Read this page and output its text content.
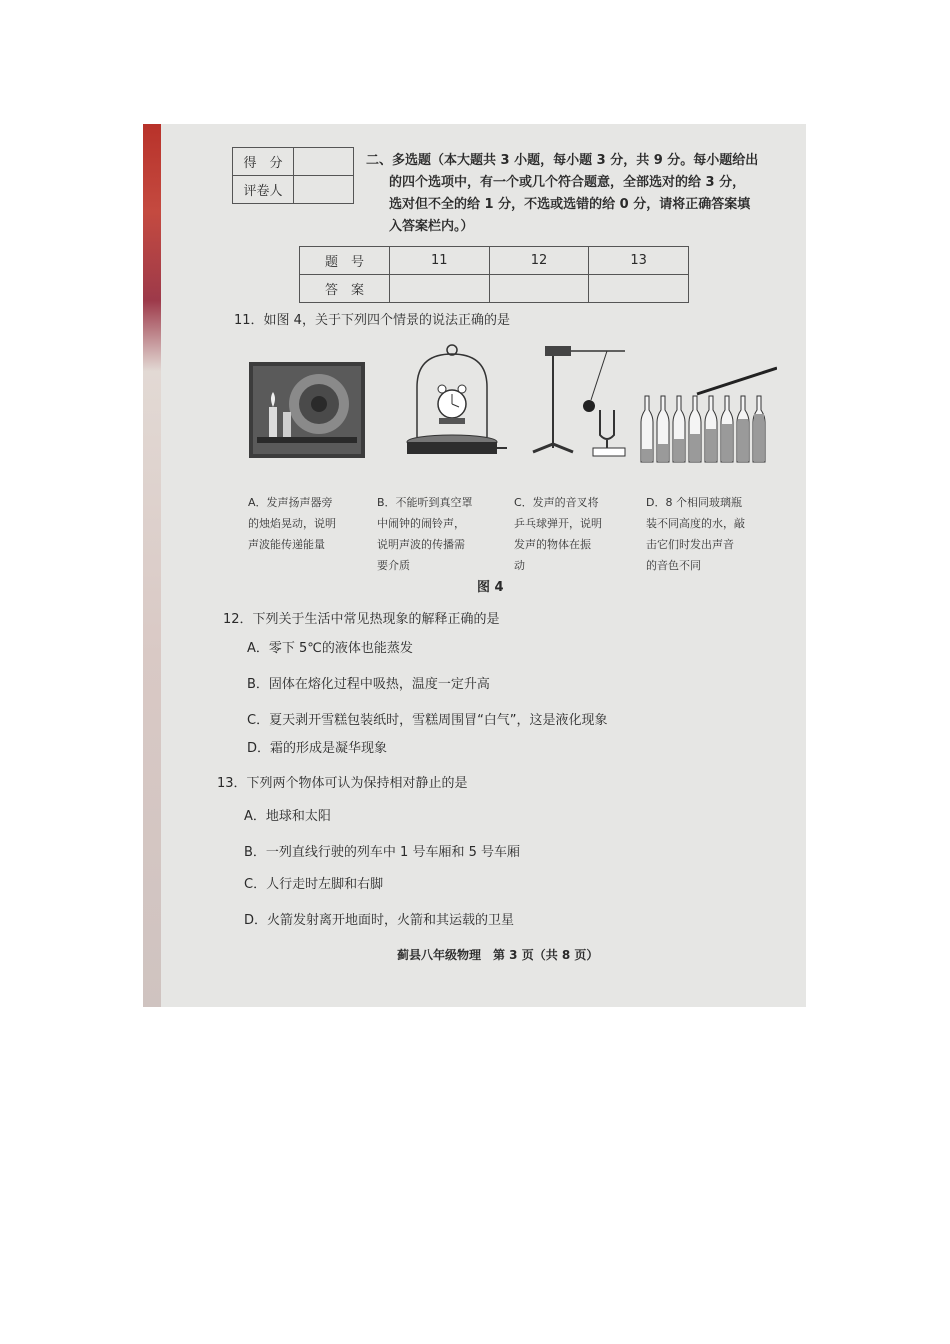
得　分	
评卷人	
二、多选题（本大题共 3 小题，每小题 3 分，共 9 分。每小题给出
的四个选项中，有一个或几个符合题意，全部选对的给 3 分，
选对但不全的给 1 分，不选或选错的给 0 分，请将正确答案填
入答案栏内。）
题　号	11	12	13
答　案			
11．如图 4，关于下列四个情景的说法正确的是
A．发声扬声器旁
的烛焰晃动，说明
声波能传递能量
B．不能听到真空罩
中闹钟的闹铃声，
说明声波的传播需
要介质
C．发声的音叉将
乒乓球弹开，说明
发声的物体在振
动
D．8 个相同玻璃瓶
装不同高度的水，敲
击它们时发出声音
的音色不同
图 4
12．下列关于生活中常见热现象的解释正确的是
A．零下 5℃的液体也能蒸发
B．固体在熔化过程中吸热，温度一定升高
C．夏天剥开雪糕包装纸时，雪糕周围冒“白气”，这是液化现象
D．霜的形成是凝华现象
13．下列两个物体可认为保持相对静止的是
A．地球和太阳
B．一列直线行驶的列车中 1 号车厢和 5 号车厢
C．人行走时左脚和右脚
D．火箭发射离开地面时，火箭和其运载的卫星
蓟县八年级物理　第 3 页（共 8 页）
